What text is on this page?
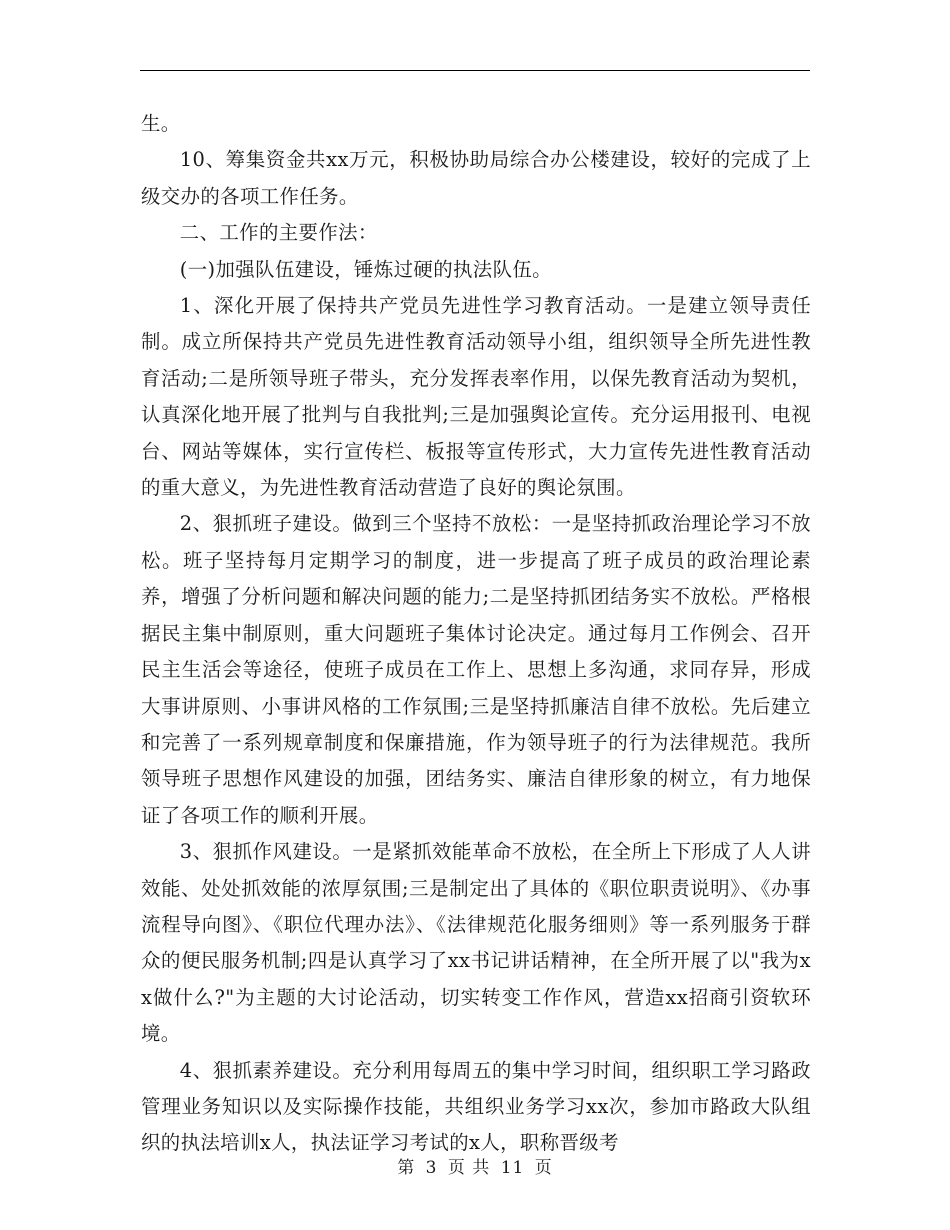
生。

10、筹集资金共xx万元，积极协助局综合办公楼建设，较好的完成了上级交办的各项工作任务。

二、工作的主要作法：

(一)加强队伍建设，锤炼过硬的执法队伍。

1、深化开展了保持共产党员先进性学习教育活动。一是建立领导责任制。成立所保持共产党员先进性教育活动领导小组，组织领导全所先进性教育活动;二是所领导班子带头，充分发挥表率作用，以保先教育活动为契机，认真深化地开展了批判与自我批判;三是加强舆论宣传。充分运用报刊、电视台、网站等媒体，实行宣传栏、板报等宣传形式，大力宣传先进性教育活动的重大意义，为先进性教育活动营造了良好的舆论氛围。

2、狠抓班子建设。做到三个坚持不放松：一是坚持抓政治理论学习不放松。班子坚持每月定期学习的制度，进一步提高了班子成员的政治理论素养，增强了分析问题和解决问题的能力;二是坚持抓团结务实不放松。严格根据民主集中制原则，重大问题班子集体讨论决定。通过每月工作例会、召开民主生活会等途径，使班子成员在工作上、思想上多沟通，求同存异，形成大事讲原则、小事讲风格的工作氛围;三是坚持抓廉洁自律不放松。先后建立和完善了一系列规章制度和保廉措施，作为领导班子的行为法律规范。我所领导班子思想作风建设的加强，团结务实、廉洁自律形象的树立，有力地保证了各项工作的顺利开展。

3、狠抓作风建设。一是紧抓效能革命不放松，在全所上下形成了人人讲效能、处处抓效能的浓厚氛围;三是制定出了具体的《职位职责说明》、《办事流程导向图》、《职位代理办法》、《法律规范化服务细则》等一系列服务于群众的便民服务机制;四是认真学习了xx书记讲话精神，在全所开展了以"我为xx做什么?"为主题的大讨论活动，切实转变工作作风，营造xx招商引资软环境。

4、狠抓素养建设。充分利用每周五的集中学习时间，组织职工学习路政管理业务知识以及实际操作技能，共组织业务学习xx次，参加市路政大队组织的执法培训x人，执法证学习考试的x人，职称晋级考

第 3 页 共 11 页
